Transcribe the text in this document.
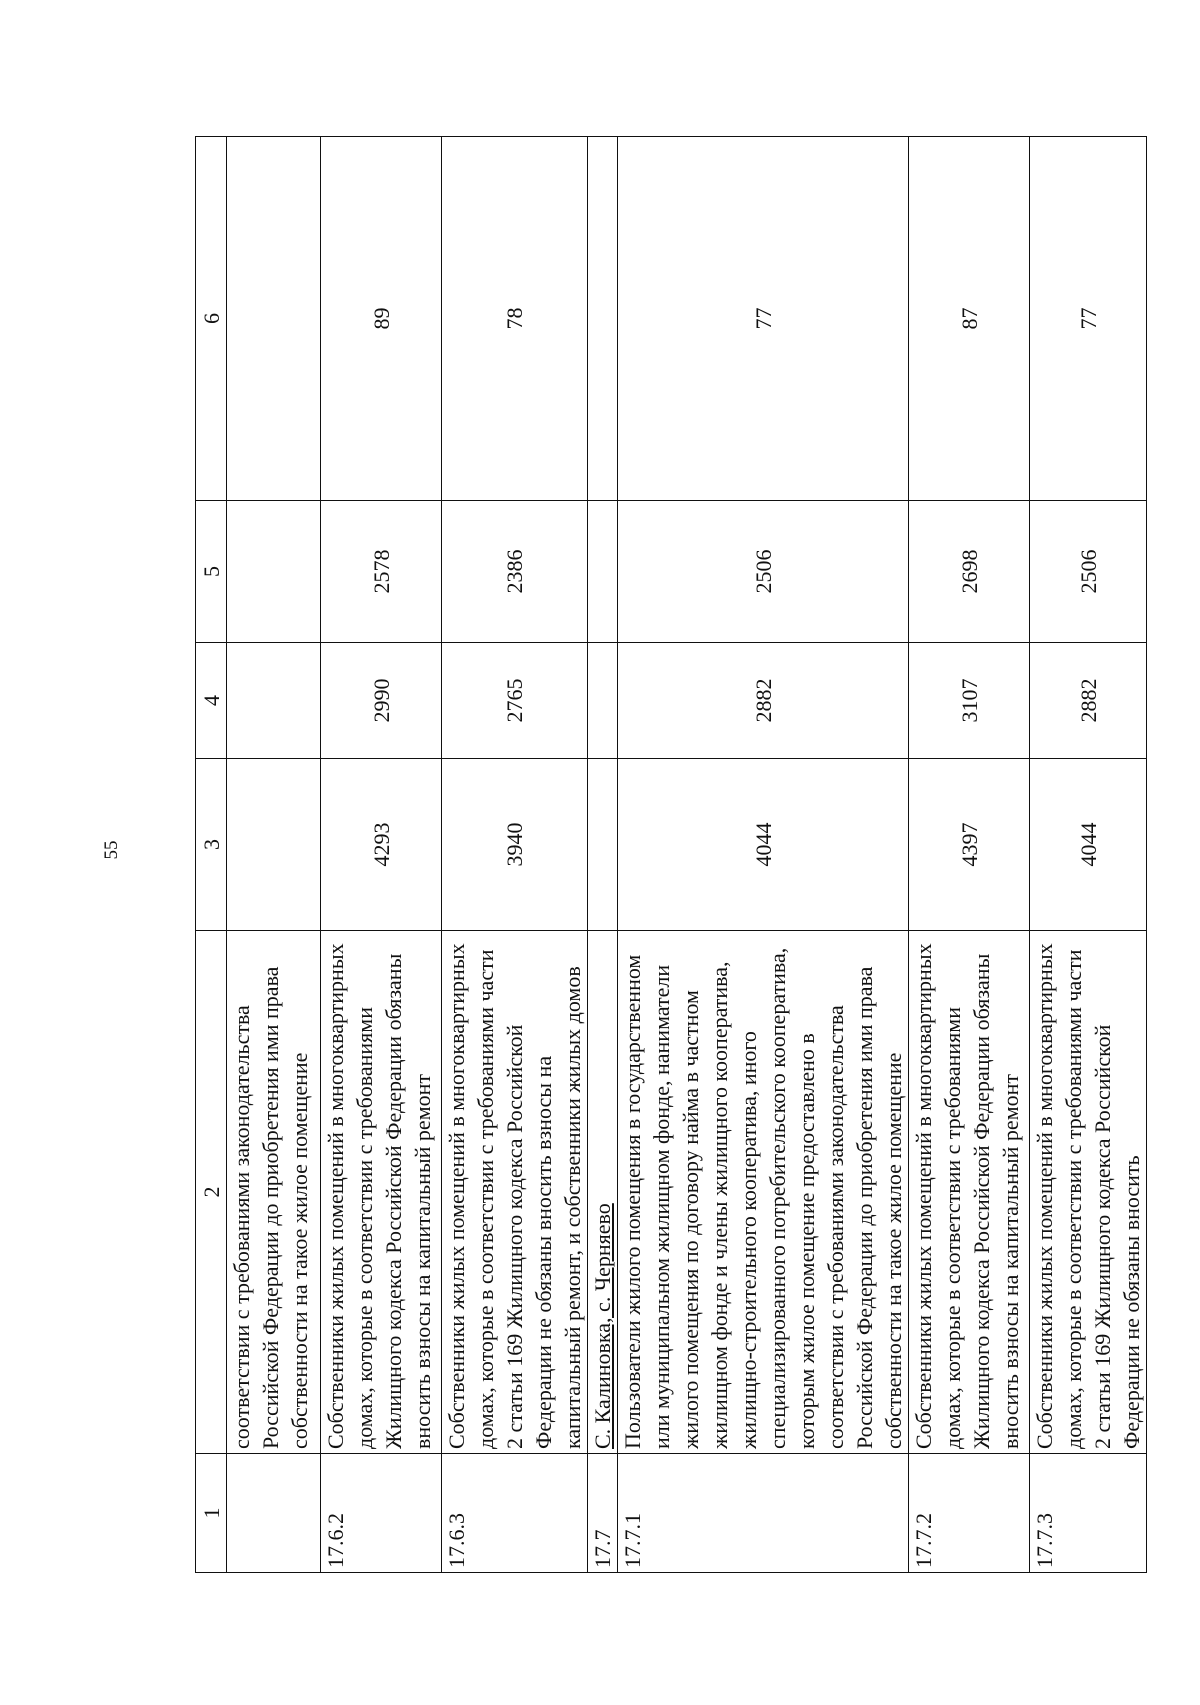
55
1	2	3	4	5	6
	соответствии с требованиями законодательства Российской Федерации до приобретения ими права собственности на такое жилое помещение				
17.6.2	Собственники жилых помещений в многоквартирных домах, которые в соответствии с требованиями Жилищного кодекса Российской Федерации обязаны вносить взносы на капитальный ремонт	4293	2990	2578	89
17.6.3	Собственники жилых помещений в многоквартирных домах, которые в соответствии с требованиями части 2 статьи 169 Жилищного кодекса Российской Федерации не обязаны вносить взносы на капитальный ремонт, и собственники жилых домов	3940	2765	2386	78
17.7	С. Калиновка, с. Черняево				
17.7.1	Пользователи жилого помещения в государственном или муниципальном жилищном фонде, наниматели жилого помещения по договору найма в частном жилищном фонде и члены жилищного кооператива, жилищно-строительного кооператива, иного специализированного потребительского кооператива, которым жилое помещение предоставлено в соответствии с требованиями законодательства Российской Федерации до приобретения ими права собственности на такое жилое помещение	4044	2882	2506	77
17.7.2	Собственники жилых помещений в многоквартирных домах, которые в соответствии с требованиями Жилищного кодекса Российской Федерации обязаны вносить взносы на капитальный ремонт	4397	3107	2698	87
17.7.3	Собственники жилых помещений в многоквартирных домах, которые в соответствии с требованиями части 2 статьи 169 Жилищного кодекса Российской Федерации не обязаны вносить	4044	2882	2506	77
